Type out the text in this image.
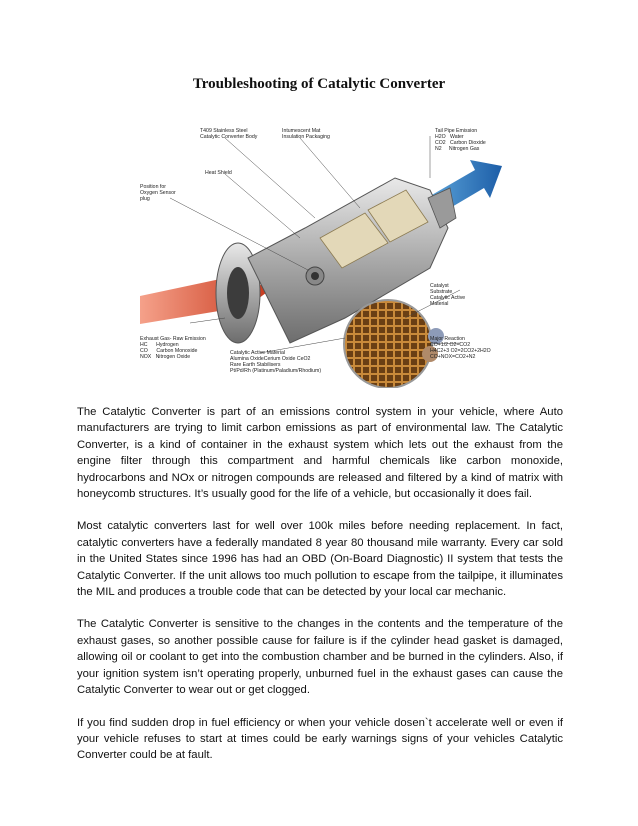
Troubleshooting of Catalytic Converter
T409 Stainless Steel
Catalytic Converter Body
Intumescent Mat
Insulation Packaging
Tail Pipe Emission
H2O   Water
CO2   Carbon Dioxide
N2     Nitrogen Gas
Heat Shield
Position for
Oxygen Sensor
plug
Catalyst
Substrate
Catalytic Active
Material
Exhaust Gas- Raw Emission
HC      Hydrogen
CO      Carbon Monoxide
NOX   Nitrogen Oxide
Catalytic Active Material
Alumina OxideCerium Oxide CeO2
Rare Earth Stabilisers
Pt/Pd/Rh (Platinum/Paladium/Rhodium)
Major Reaction
CO+1/2 O2=CO2
H4C2+3 O2=2CO2+2H2O
CO+NOX=CO2+N2

The Catalytic Converter is part of an emissions control system in your vehicle, where Auto manufacturers are trying to limit carbon emissions as part of environmental law. The Catalytic Converter, is a kind of container in the exhaust system which lets out the exhaust from the engine filter through this compartment and harmful chemicals like carbon monoxide, hydrocarbons and NOx or nitrogen compounds are released and filtered by a kind of matrix with honeycomb structures. It’s usually good for the life of a vehicle, but occasionally it does fail.

Most catalytic converters last for well over 100k miles before needing replacement. In fact, catalytic converters have a federally mandated 8 year 80 thousand mile warranty. Every car sold in the United States since 1996 has had an OBD (On-Board Diagnostic) II system that tests the Catalytic Converter. If the unit allows too much pollution to escape from the tailpipe, it illuminates the MIL and produces a trouble code that can be detected by your local car mechanic.

The Catalytic Converter is sensitive to the changes in the contents and the temperature of the exhaust gases, so another possible cause for failure is if the cylinder head gasket is damaged, allowing oil or coolant to get into the combustion chamber and be burned in the cylinders. Also, if your ignition system isn’t operating properly, unburned fuel in the exhaust gases can cause the Catalytic Converter to wear out or get clogged.

If you find sudden drop in fuel efficiency or when your vehicle dosen`t accelerate well or even if your vehicle refuses to start at times could be early warnings signs of your vehicles Catalytic Converter could be at fault.
